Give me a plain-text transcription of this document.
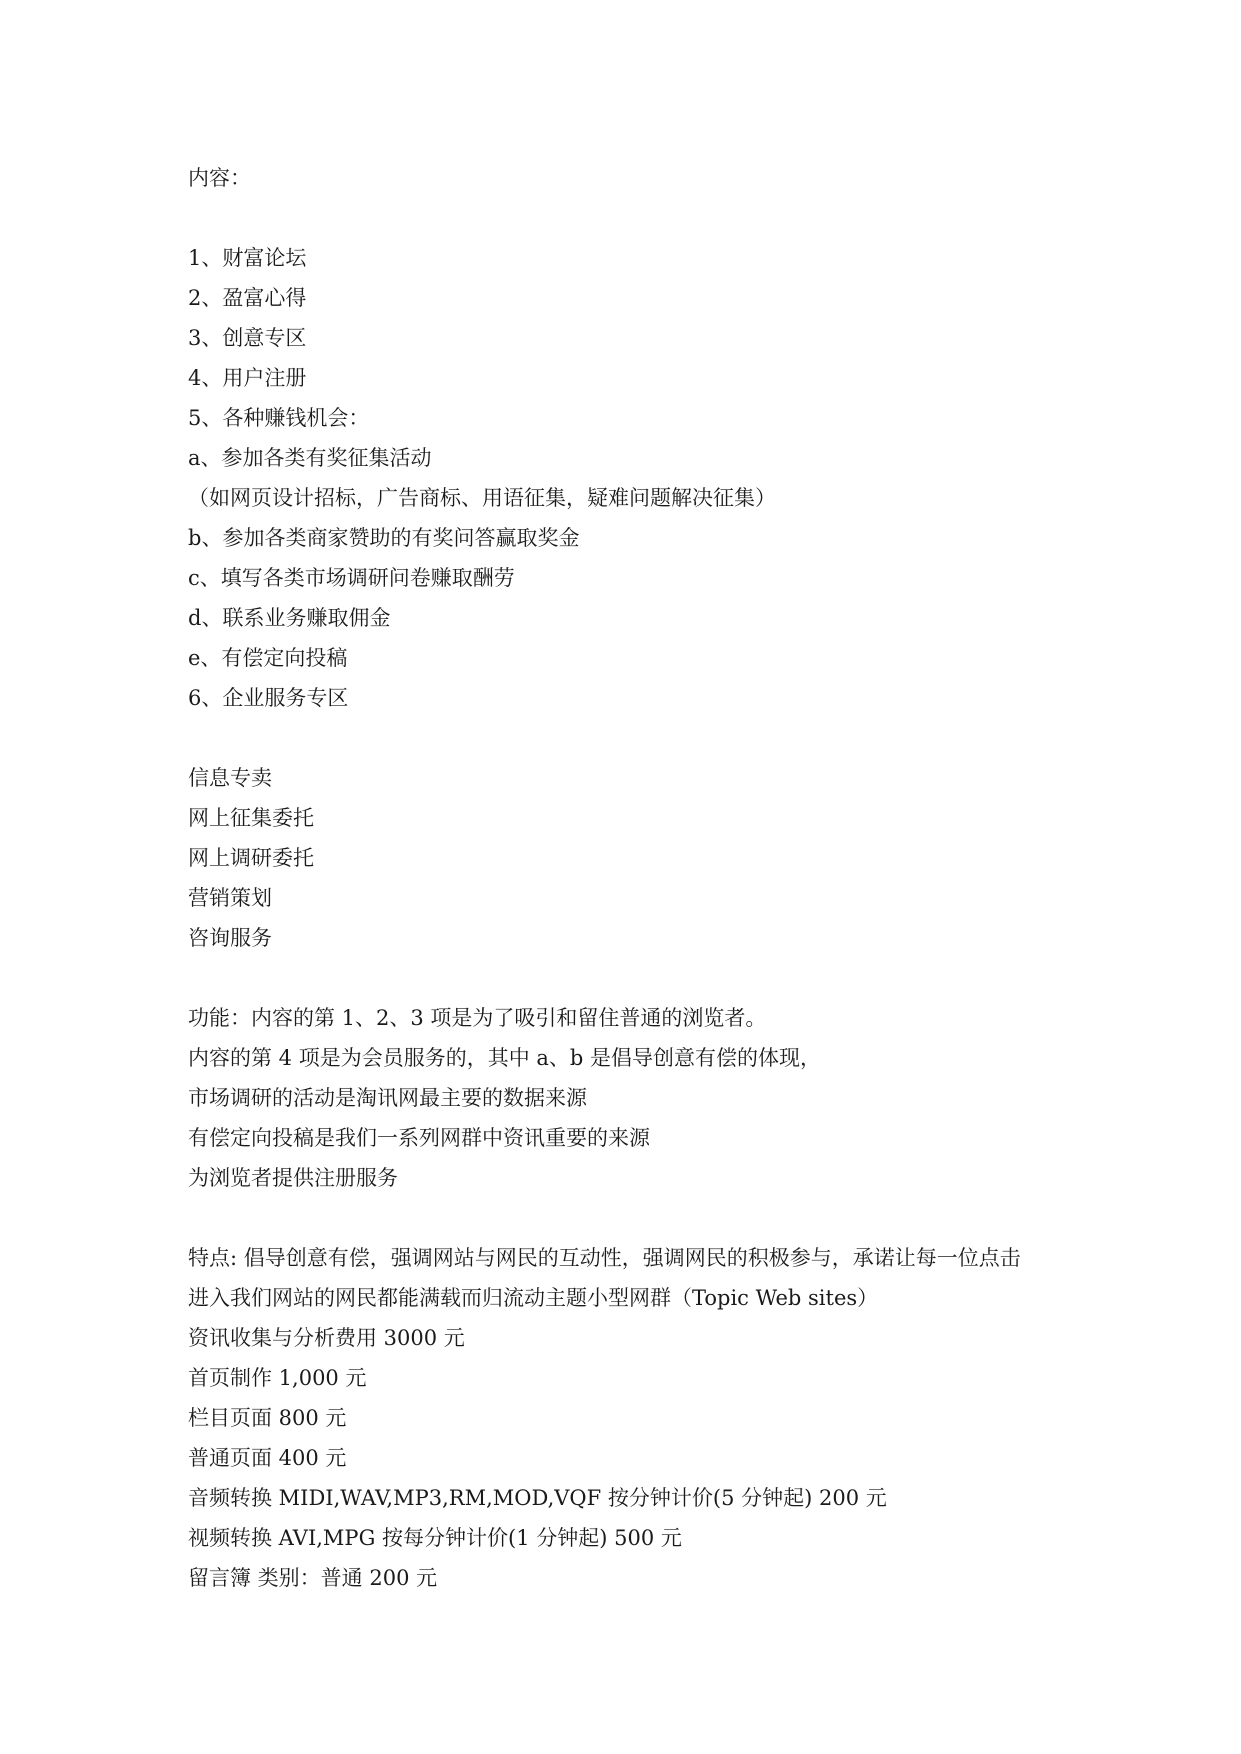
内容：
1、财富论坛
2、盈富心得
3、创意专区
4、用户注册
5、各种赚钱机会：
a、参加各类有奖征集活动
（如网页设计招标，广告商标、用语征集，疑难问题解决征集）
b、参加各类商家赞助的有奖问答赢取奖金
c、填写各类市场调研问卷赚取酬劳
d、联系业务赚取佣金
e、有偿定向投稿
6、企业服务专区
信息专卖
网上征集委托
网上调研委托
营销策划
咨询服务
功能：内容的第 1、2、3 项是为了吸引和留住普通的浏览者。
内容的第 4 项是为会员服务的，其中 a、b 是倡导创意有偿的体现，
市场调研的活动是淘讯网最主要的数据来源
有偿定向投稿是我们一系列网群中资讯重要的来源
为浏览者提供注册服务
特点: 倡导创意有偿，强调网站与网民的互动性，强调网民的积极参与，承诺让每一位点击
进入我们网站的网民都能满载而归流动主题小型网群（Topic Web sites）
资讯收集与分析费用 3000 元
首页制作 1,000 元
栏目页面 800 元
普通页面 400 元
音频转换 MIDI,WAV,MP3,RM,MOD,VQF 按分钟计价(5 分钟起) 200 元
视频转换 AVI,MPG 按每分钟计价(1 分钟起) 500 元
留言簿 类别：普通 200 元
